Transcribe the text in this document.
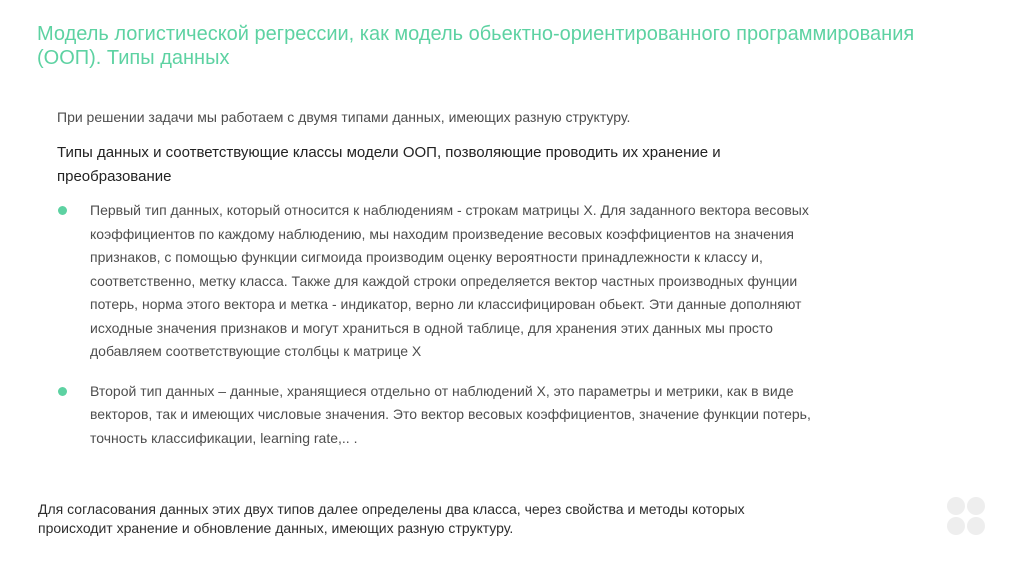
Модель логистической регрессии, как модель обьектно-ориентированного программирования (ООП). Типы данных

При решении задачи мы работаем с двумя типами данных, имеющих разную структуру.

Типы данных и соответствующие классы модели ООП, позволяющие проводить их хранение и преобразование

Первый тип данных, который относится к наблюдениям - строкам матрицы Х. Для заданного вектора весовых коэффициентов по каждому наблюдению, мы находим произведение весовых коэффициентов на значения признаков, с помощью функции сигмоида производим оценку вероятности принадлежности к классу и, соответственно, метку класса. Также для каждой строки определяется вектор частных производных фунции потерь, норма этого вектора и метка - индикатор, верно ли классифицирован обьект. Эти данные дополняют исходные значения признаков и могут храниться в одной таблице, для хранения этих данных мы просто добавляем соответствующие столбцы к матрице Х
Второй тип данных – данные, хранящиеся отдельно от наблюдений Х, это параметры и метрики, как в виде векторов, так и имеющих числовые значения. Это вектор весовых коэффициентов, значение функции потерь, точность классификации, learning rate,.. .

Для согласования данных этих двух типов далее определены два класса, через свойства и методы которых происходит хранение и обновление данных, имеющих разную структуру.
